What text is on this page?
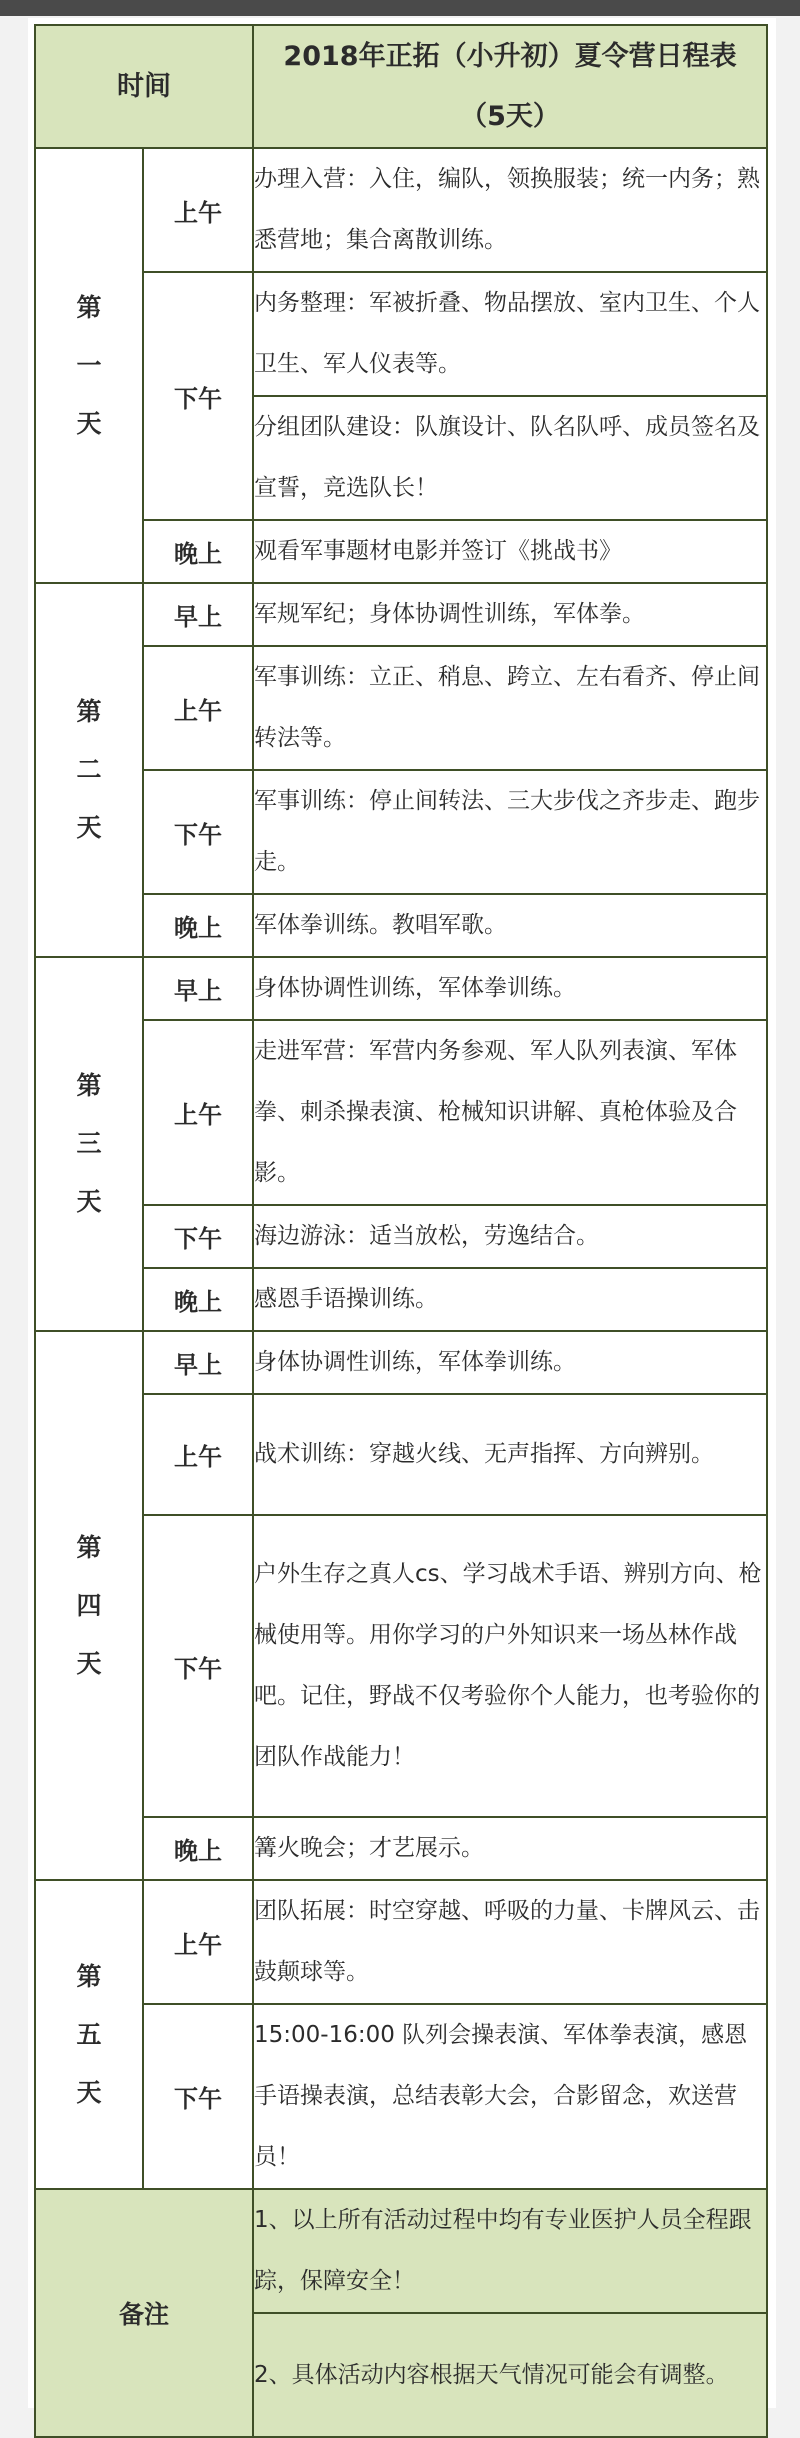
时间		2018年正拓（小升初）夏令营日程表（5天）

第一天	上午	办理入营：入住，编队，领换服装；统一内务；熟悉营地；集合离散训练。
	下午	内务整理：军被折叠、物品摆放、室内卫生、个人卫生、军人仪表等。
		分组团队建设：队旗设计、队名队呼、成员签名及宣誓，竞选队长！
	晚上	观看军事题材电影并签订《挑战书》

第二天	早上	军规军纪；身体协调性训练，军体拳。
	上午	军事训练：立正、稍息、跨立、左右看齐、停止间转法等。
	下午	军事训练：停止间转法、三大步伐之齐步走、跑步走。
	晚上	军体拳训练。教唱军歌。

第三天	早上	身体协调性训练，军体拳训练。
	上午	走进军营：军营内务参观、军人队列表演、军体拳、刺杀操表演、枪械知识讲解、真枪体验及合影。
	下午	海边游泳：适当放松，劳逸结合。
	晚上	感恩手语操训练。

第四天	早上	身体协调性训练，军体拳训练。
	上午	战术训练：穿越火线、无声指挥、方向辨别。
	下午	户外生存之真人cs、学习战术手语、辨别方向、枪械使用等。用你学习的户外知识来一场丛林作战吧。记住，野战不仅考验你个人能力，也考验你的团队作战能力！
	晚上	篝火晚会；才艺展示。

第五天	上午	团队拓展：时空穿越、呼吸的力量、卡牌风云、击鼓颠球等。
	下午	15:00-16:00 队列会操表演、军体拳表演，感恩手语操表演，总结表彰大会，合影留念，欢送营员！
备注		1、以上所有活动过程中均有专业医护人员全程跟踪，保障安全！
		2、具体活动内容根据天气情况可能会有调整。
